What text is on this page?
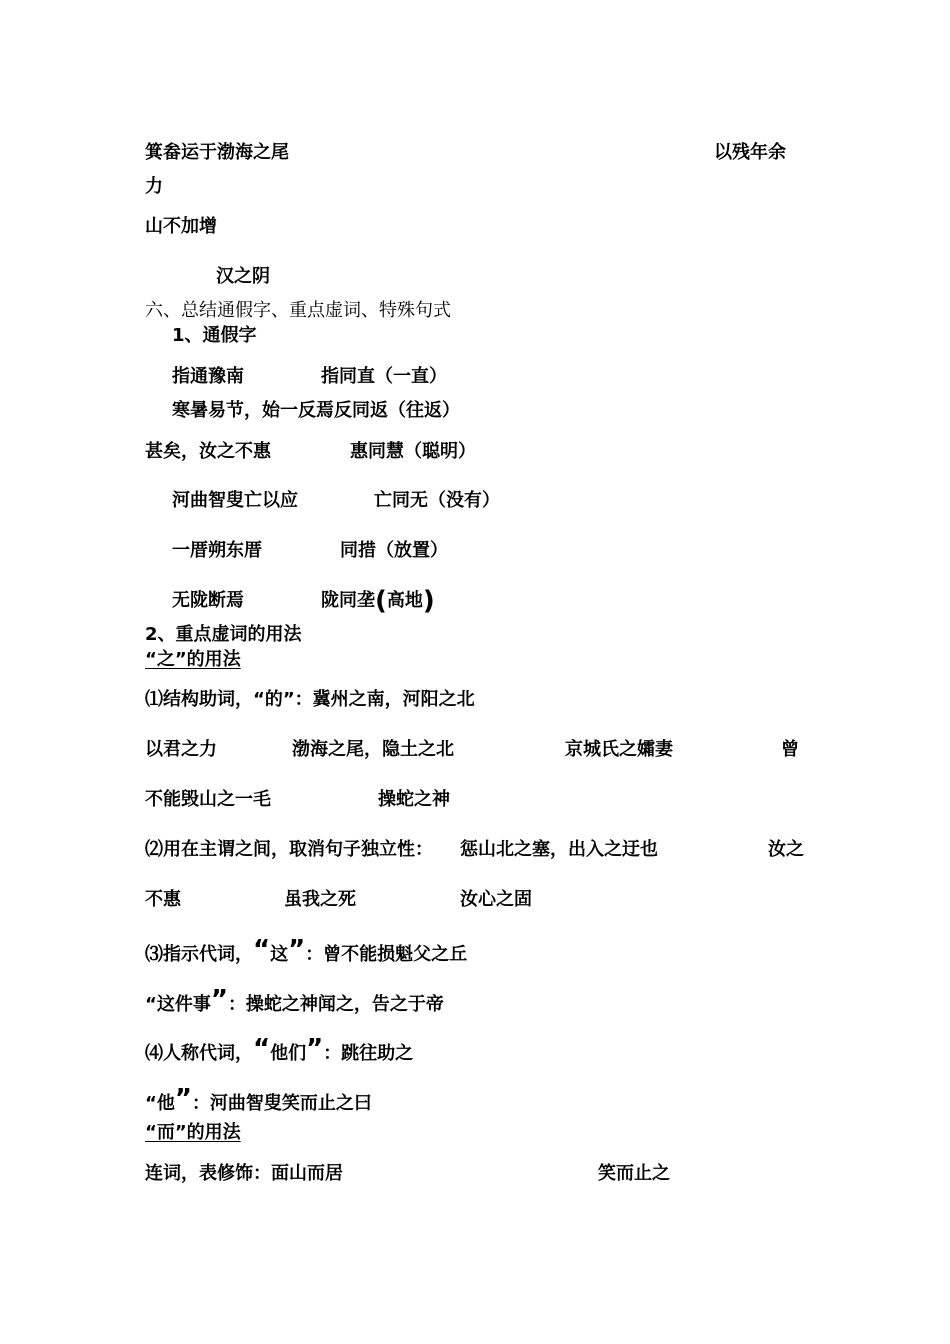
箕畚运于渤海之尾	以残年余
力
山不加增
汉之阴
六、总结通假字、重点虚词、特殊句式
1、通假字
指通豫南	指同直（一直）
寒暑易节，始一反焉反同返（往返）
甚矣，汝之不惠	惠同慧（聪明）
河曲智叟亡以应	亡同无（没有）
一厝朔东厝	同措（放置）
无陇断焉	陇同垄(高地)
2、重点虚词的用法
“之”的用法
⑴结构助词，“的”：冀州之南，河阳之北
以君之力	渤海之尾，隐土之北	京城氏之孀妻	曾
不能毁山之一毛	操蛇之神
⑵用在主谓之间，取消句子独立性： 惩山北之塞，出入之迂也	汝之
不惠	虽我之死	汝心之固
⑶指示代词，“这”：曾不能损魁父之丘
“这件事”：操蛇之神闻之，告之于帝
⑷人称代词，“他们”：跳往助之
“他”：河曲智叟笑而止之曰
“而”的用法
连词，表修饰：面山而居	笑而止之
